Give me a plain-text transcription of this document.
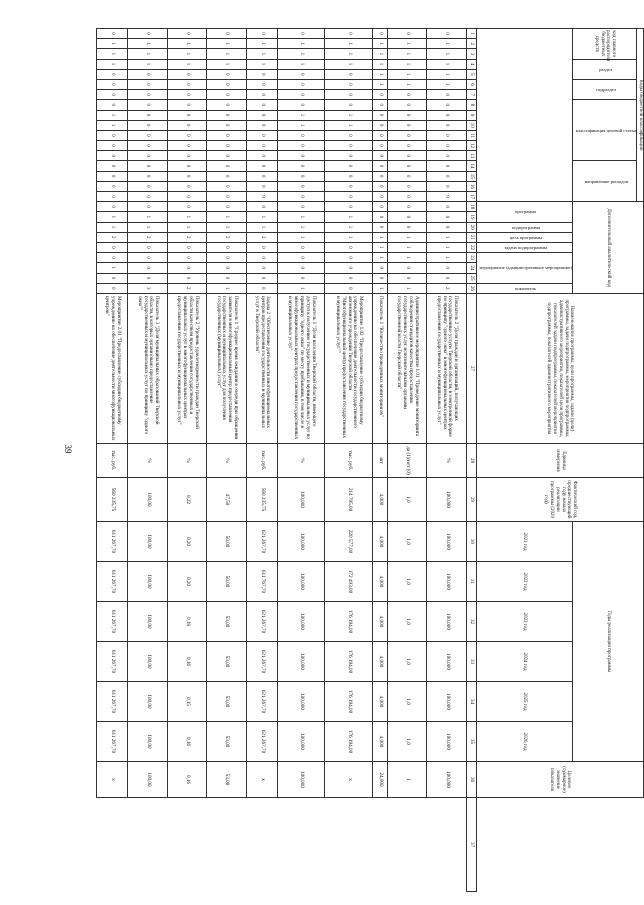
39
Коды бюджетной классификации																	Дополнительный аналитический код									Наименование программы, цели программы, задачи (цели) программы, задачи подпрограммы, мероприятия подпрограммы, административного мероприятия, показателей цели программы, показателей задачи подпрограммы, показателей мероприятия подпрограммы, показателей административного мероприятия	Единица измерения	Фактический год, предшествующий году начала реализации программы (2020 год)	Годы реализации программы						Целевое (суммарное) значение показателя	
код главного распорядителя бюджетных средств			раздел		подраздел		классификация целевой статьи						направление расходов																							
																	программа		подпрограмма	цель программы	задача подпрограммы	мероприятие (административное мероприятие)			показатель				2021 год	2022 год	2023 год	2024 год	2025 год	2026 год		
1	2	3	4	5	6	7	8	9	10	11	12	13	14	15	16	17	18	19	20	21	22	23	24	25	26	27	28	29	30	31	32	33	34	35	36	37
0	1	1	1	1	1	0	0	0	0	0	0	0	0	0	0	0	0	0	0	1	1	1	0	0	2	Показатель 2 "Доля граждан и организаций, получающих государственные услуги Тверской области, в электронной форме по принципу "одного окна" в многофункциональных центрах предоставления государственных и муниципальных услуг"	%	100,000	100,000	100,000	100,000	100,000	100,000	100,000	100,000	
0	1	1	1	1	1	0	0	0	0	0	0	0	0	0	0	0	0	0	0	1	1	1	0	0	1	Административное мероприятие 1.01 "Проведение мониторинга соблюдения стандартов качества предоставления государственных услуг исполнительными органами государственной власти Тверской области"	да (1)/нет (0)	1,0	1,0	1,0	1,0	1,0	1,0	1,0	1	
0	1	1	1	1	1	0	0	0	0	0	0	0	0	0	0	0	0	0	0	1	1	1	0	0	1	Показатель 1 "Количество проведенных мониторингов"	шт	4,000	4,000	4,000	4,000	4,000	4,000	4,000	24,000	
0	1	1	1	0	0	0	0	1	1	0	0	0	0	0	0	0	0	1	1	1	0	0	0	0	0	Мероприятие 1.02 "Предоставление субсидии бюджетному учреждению на обеспечение деятельности государственного автономного учреждения Тверской области "Многофункциональный центр предоставления государственных и муниципальных услуг""	тыс. руб.	214 795,00	220 577,00	172 493,00	176 194,00	176 194,00	176 194,00	176 194,00	х	
0	1	1	1	0	0	0	0	1	1	0	0	0	0	0	0	0	0	1	1	1	0	0	0	0	1	Показатель 1 "Доля населения Тверской области, имеющего доступ к получению государственных и муниципальных услуг по принципу "одного окна" по месту пребывания, в том числе в многофункциональных центрах предоставления государственных и муниципальных услуг"	%	100,000	100,000	100,000	100,000	100,000	100,000	100,000	100,000	
0	1	1	1	0	0	0	0	0	0	0	0	0	0	0	0	0	0	1	1	2	0	0	0	0	0	Задача 2 "Обеспечение деятельности многофункциональных центров предоставления государственных и муниципальных услуг в Тверской области"	тыс. руб.	560 235,75	621 267,70	611 767,70	621 267,70	621 267,70	621 267,70	621 267,70	х	
0	1	1	1	0	0	0	0	0	0	0	0	0	0	0	0	0	0	1	1	2	0	0	0	0	1	Показатель 1 "Среднее время ожидания в очереди при обращении заявителя в многофункциональный центр предоставления государственных и муниципальных услуг для получения государственных (муниципальных) услуг"	%	47,50	50,00	50,00	53,00	53,00	53,00	53,00	53,00	
0	1	1	1	0	0	0	0	0	0	0	0	0	0	0	0	0	0	1	1	2	0	0	0	0	2	Показатель 2 "Уровень удовлетворенности граждан Тверской области качеством предоставления государственных и муниципальных услуг в многофункциональных центрах предоставления государственных и муниципальных услуг"	%	0,22	0,20	0,20	0,18	0,16	0,15	0,16	0,16	
0	1	1	1	0	0	0	0	0	0	0	0	0	0	0	0	0	0	1	1	2	0	0	0	0	3	Показатель 3 "Доля муниципальных образований Тверской области, в которых организовано предоставление государственных и муниципальных услуг по принципу "одного окна""	%	100,00	100,00	100,00	100,00	100,00	100,00	100,00	100,00	
0	1	1	1	0	0	0	0	1	1	0	0	0	0	0	0	0	0	1	1	2	0	0	1	0	0	Мероприятие 2.01 "Предоставление субсидии бюджетному учреждению на обеспечение деятельности многофункциональных центров"	тыс. руб.	560 235,75	611 267,70	611 267,70	611 267,70	611 267,70	611 267,70	611 267,70	х	
